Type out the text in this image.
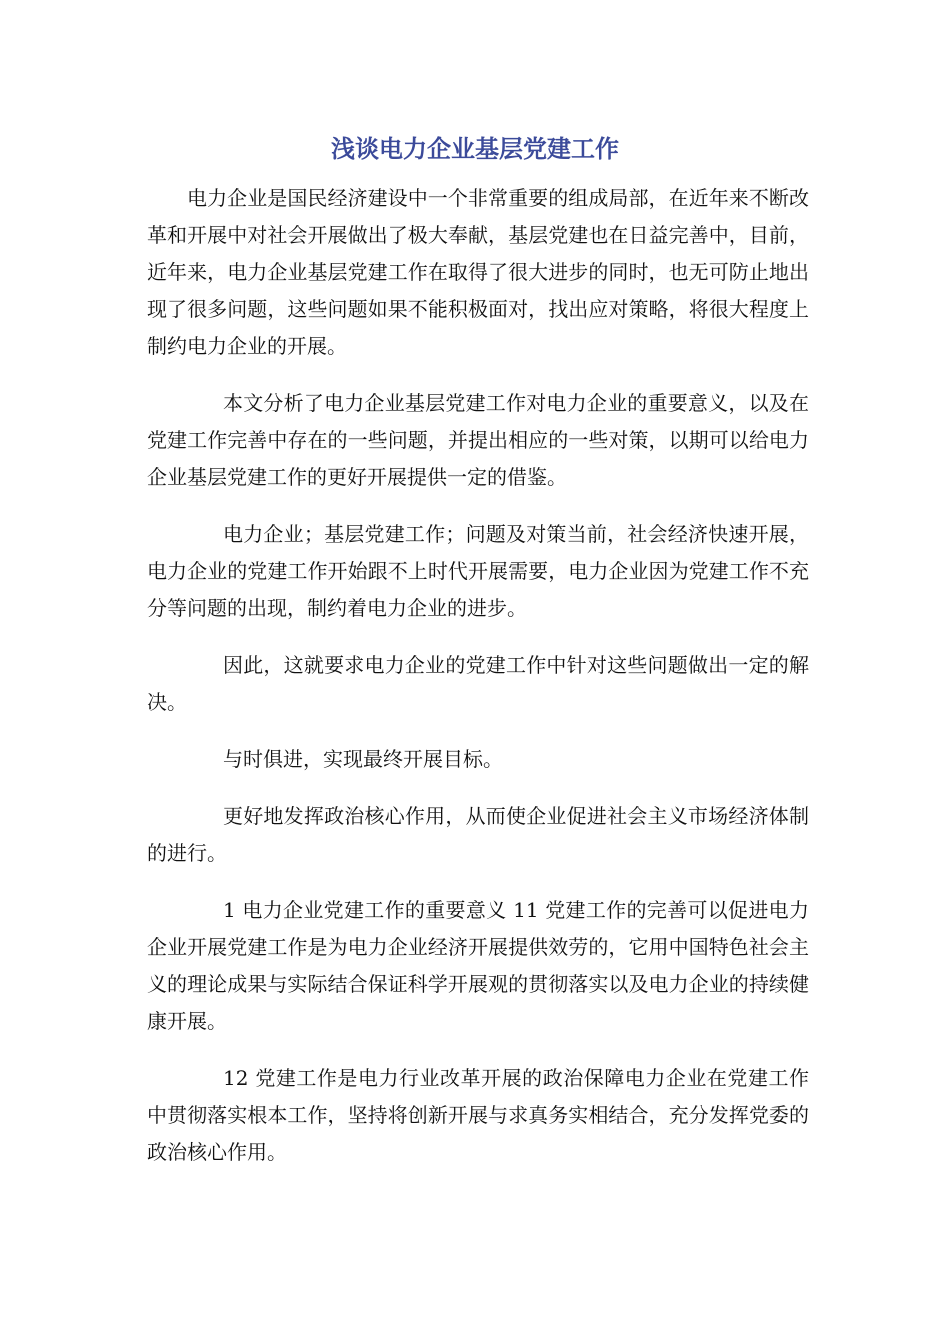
浅谈电力企业基层党建工作

电力企业是国民经济建设中一个非常重要的组成局部，在近年来不断改革和开展中对社会开展做出了极大奉献，基层党建也在日益完善中，目前，近年来，电力企业基层党建工作在取得了很大进步的同时，也无可防止地出现了很多问题，这些问题如果不能积极面对，找出应对策略，将很大程度上制约电力企业的开展。

本文分析了电力企业基层党建工作对电力企业的重要意义，以及在党建工作完善中存在的一些问题，并提出相应的一些对策，以期可以给电力企业基层党建工作的更好开展提供一定的借鉴。

电力企业；基层党建工作；问题及对策当前，社会经济快速开展，电力企业的党建工作开始跟不上时代开展需要，电力企业因为党建工作不充分等问题的出现，制约着电力企业的进步。

因此，这就要求电力企业的党建工作中针对这些问题做出一定的解决。

与时俱进，实现最终开展目标。

更好地发挥政治核心作用，从而使企业促进社会主义市场经济体制的进行。

1 电力企业党建工作的重要意义 11 党建工作的完善可以促进电力企业开展党建工作是为电力企业经济开展提供效劳的，它用中国特色社会主义的理论成果与实际结合保证科学开展观的贯彻落实以及电力企业的持续健康开展。

12 党建工作是电力行业改革开展的政治保障电力企业在党建工作中贯彻落实根本工作，坚持将创新开展与求真务实相结合，充分发挥党委的政治核心作用。
